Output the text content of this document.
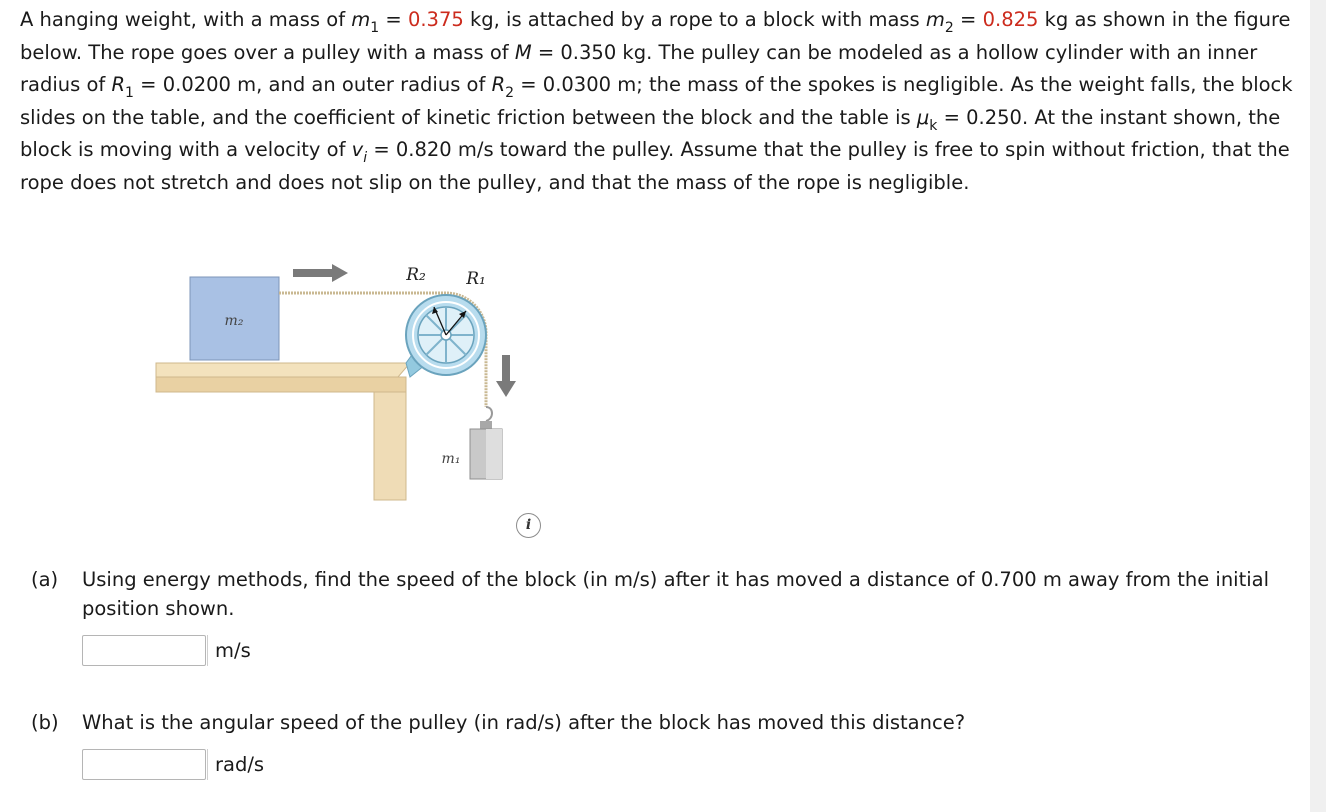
A hanging weight, with a mass of $m_1 = 0.375$ kg, is attached by a rope to a block with mass $m_2 = 0.825$ kg as shown in the figure below. The rope goes over a pulley with a mass of M = 0.350 kg. The pulley can be modeled as a hollow cylinder with an inner radius of $R_1 = 0.0200$ m, and an outer radius of $R_2 = 0.0300$ m; the mass of the spokes is negligible. As the weight falls, the block slides on the table, and the coefficient of kinetic friction between the block and the table is $\mu_k = 0.250$. At the instant shown, the block is moving with a velocity of $v_i = 0.820$ m/s toward the pulley. Assume that the pulley is free to spin without friction, that the rope does not stretch and does not slip on the pulley, and that the mass of the rope is negligible.
m₂
R₂ R₁
m₁
i
(a) Using energy methods, find the speed of the block (in m/s) after it has moved a distance of 0.700 m away from the initial position shown.
m/s
(b) What is the angular speed of the pulley (in rad/s) after the block has moved this distance?
rad/s
